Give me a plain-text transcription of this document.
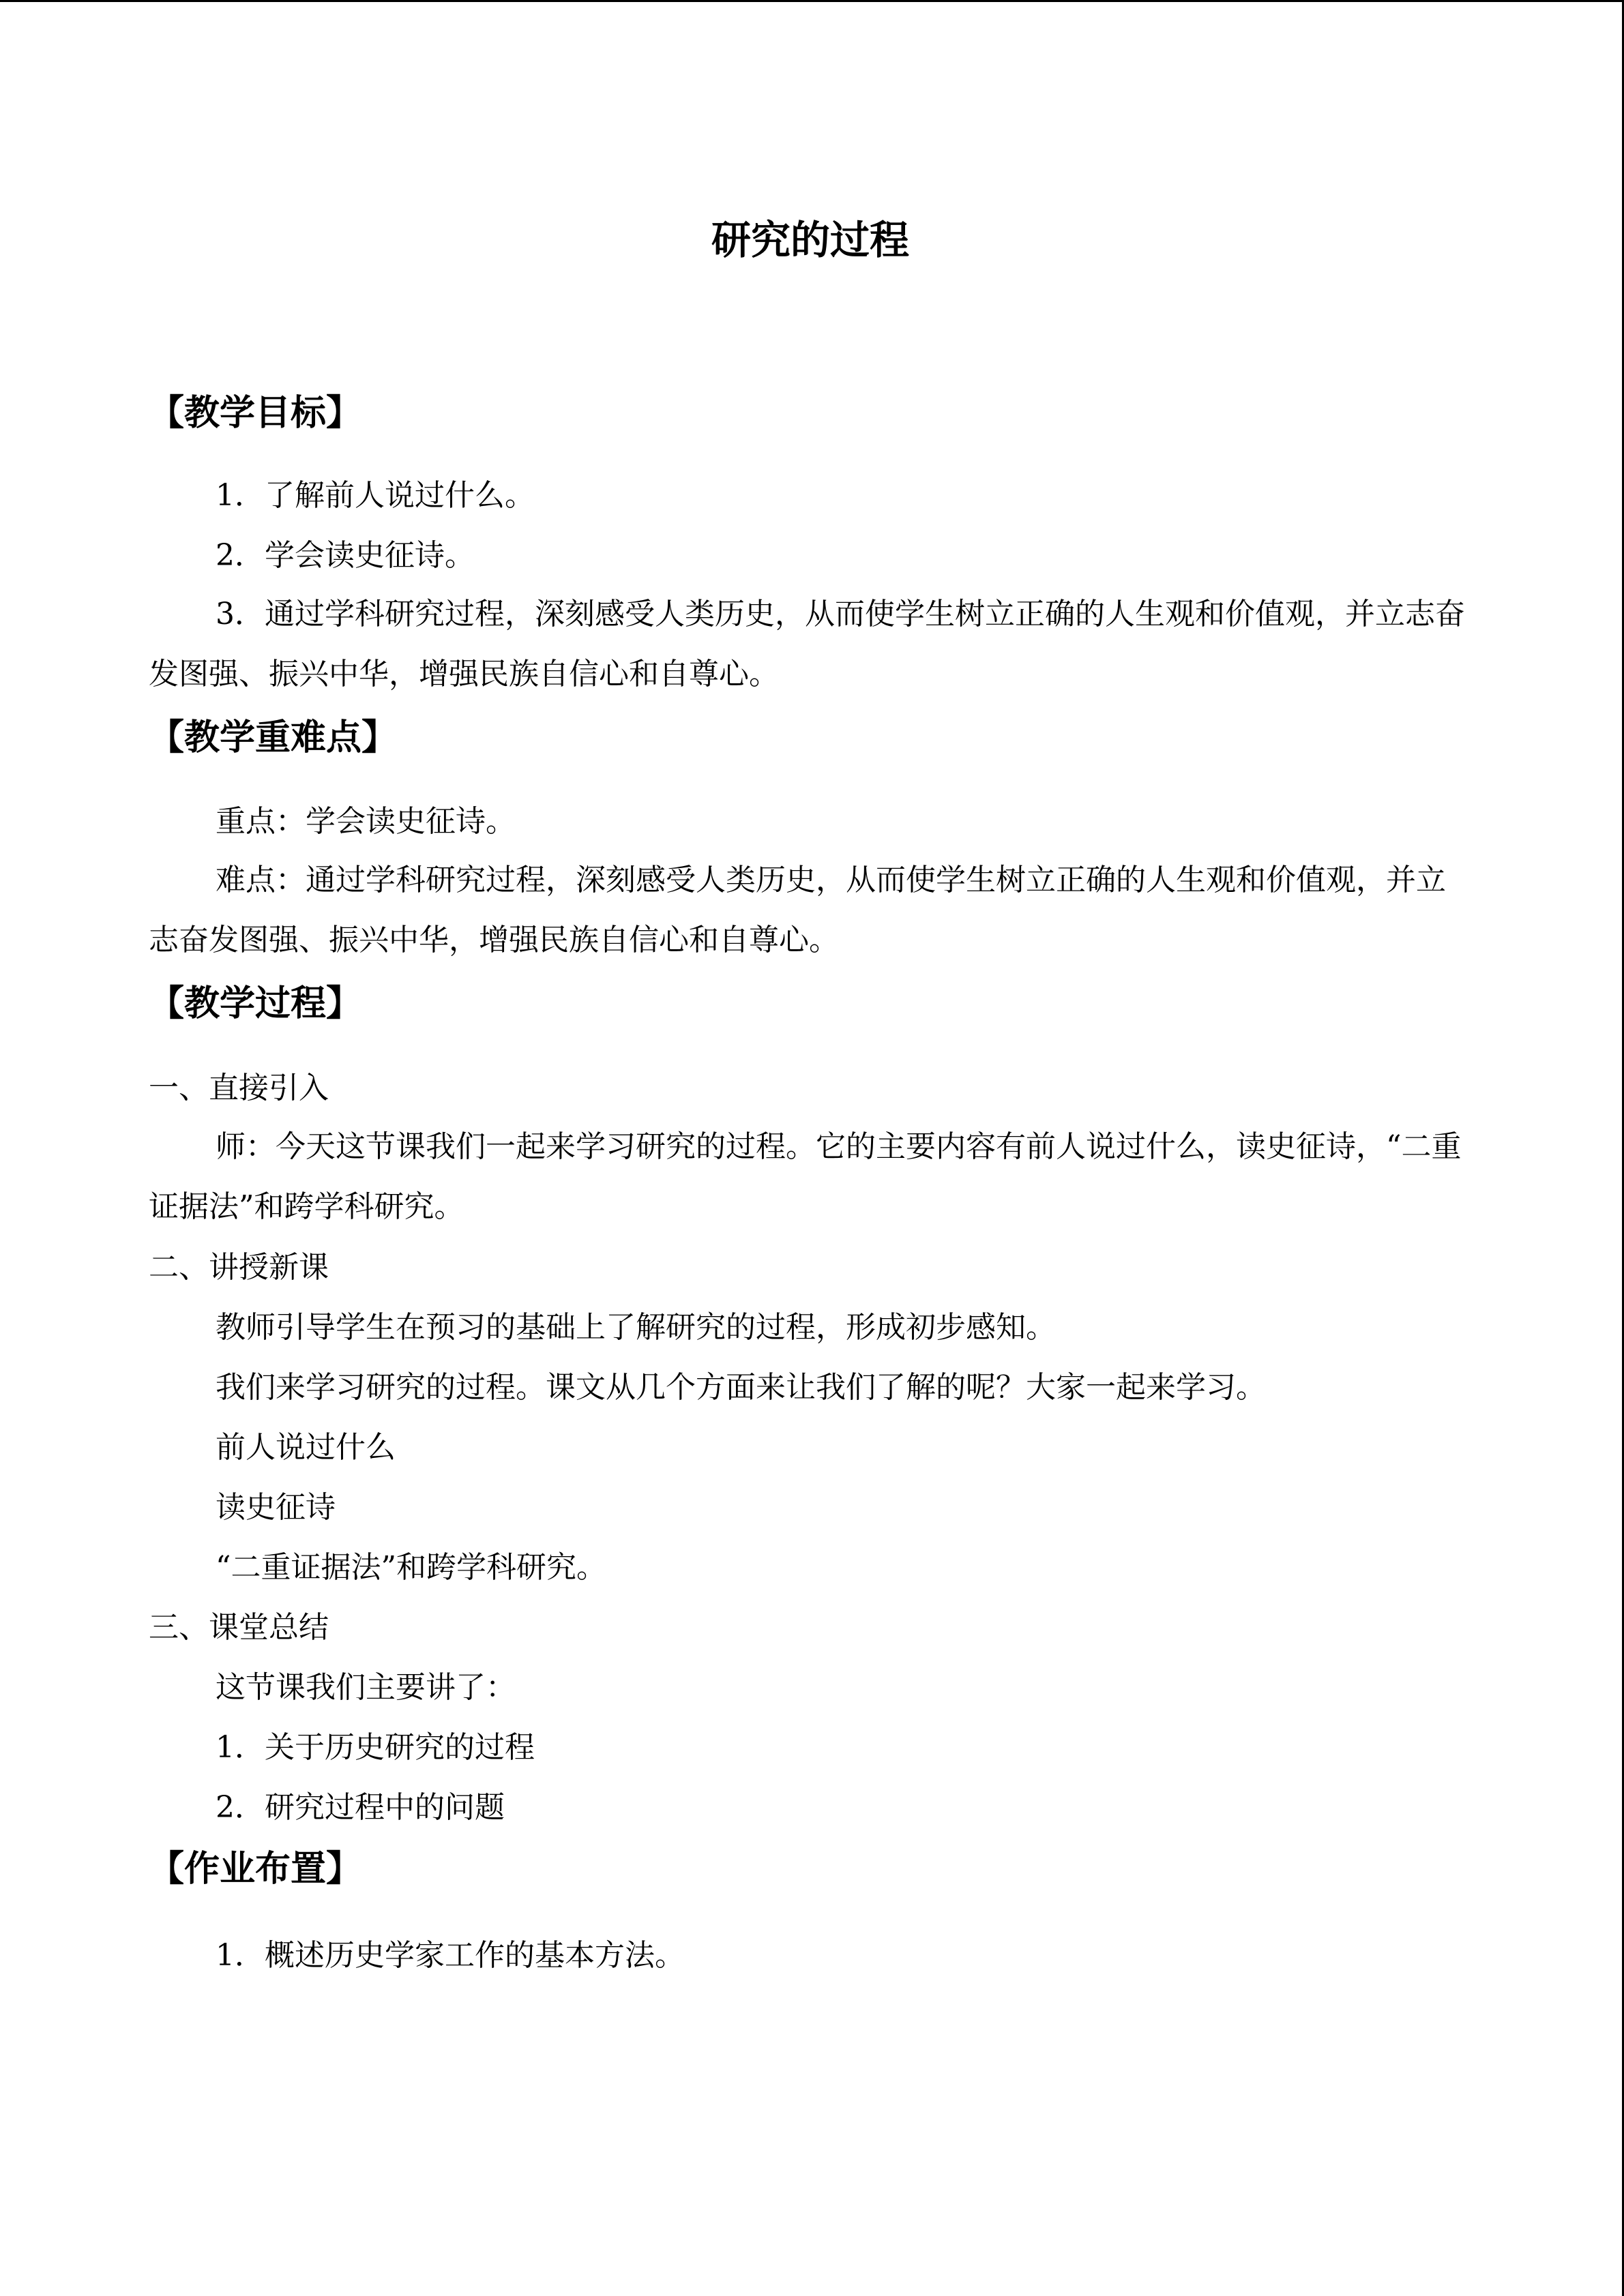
研究的过程
【教学目标】
1．了解前人说过什么。
2．学会读史征诗。
3．通过学科研究过程，深刻感受人类历史，从而使学生树立正确的人生观和价值观，并立志奋发图强、振兴中华，增强民族自信心和自尊心。
【教学重难点】
重点：学会读史征诗。
难点：通过学科研究过程，深刻感受人类历史，从而使学生树立正确的人生观和价值观，并立志奋发图强、振兴中华，增强民族自信心和自尊心。
【教学过程】
一、直接引入
师：今天这节课我们一起来学习研究的过程。它的主要内容有前人说过什么，读史征诗，“二重证据法”和跨学科研究。
二、讲授新课
教师引导学生在预习的基础上了解研究的过程，形成初步感知。
我们来学习研究的过程。课文从几个方面来让我们了解的呢？大家一起来学习。
前人说过什么
读史征诗
“二重证据法”和跨学科研究。
三、课堂总结
这节课我们主要讲了：
1．关于历史研究的过程
2．研究过程中的问题
【作业布置】
1．概述历史学家工作的基本方法。
